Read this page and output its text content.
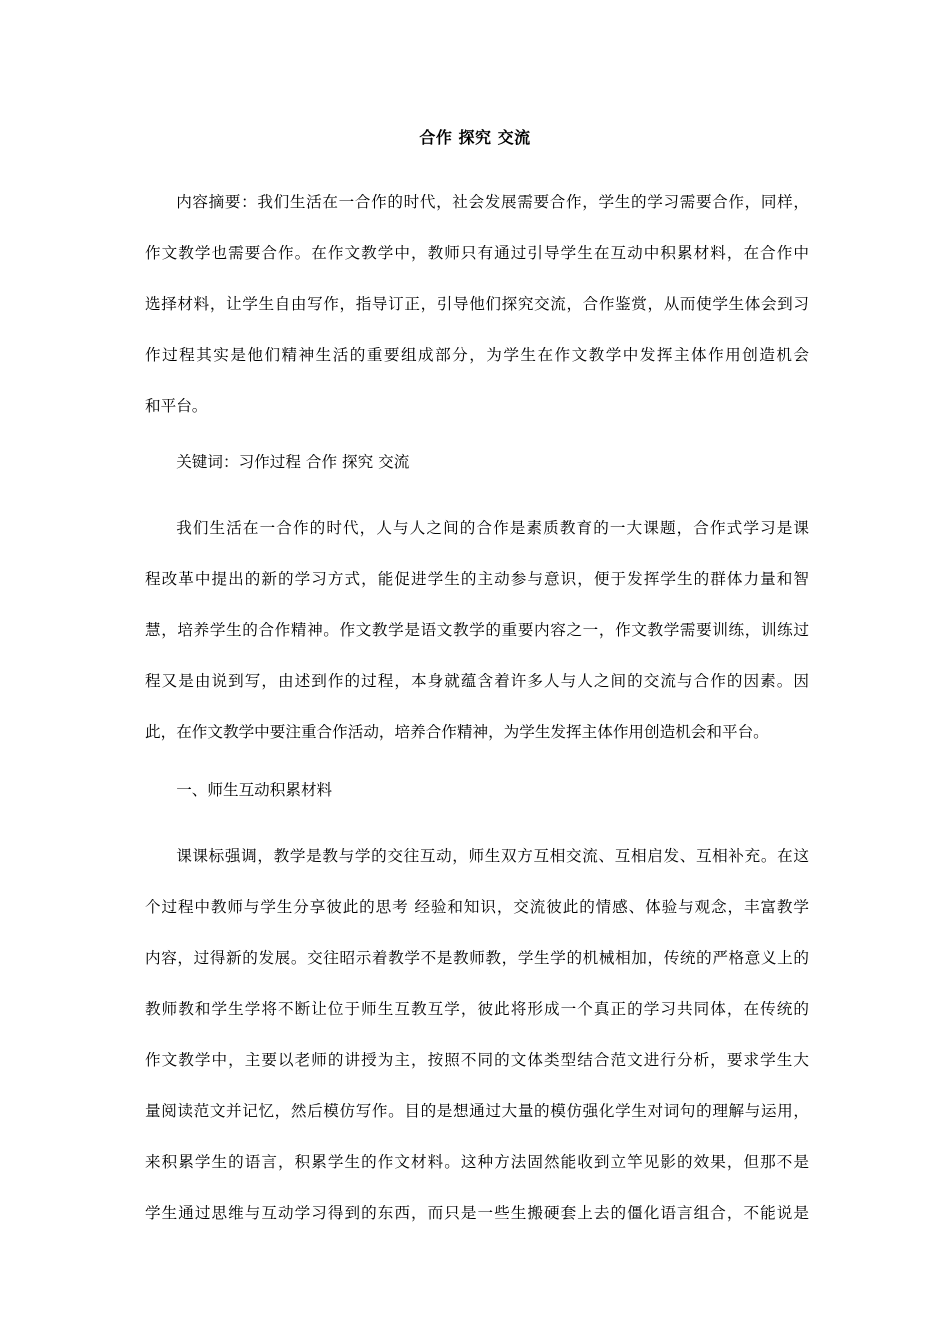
合作 探究 交流
内容摘要：我们生活在一合作的时代，社会发展需要合作，学生的学习需要合作，同样，
作文教学也需要合作。在作文教学中，教师只有通过引导学生在互动中积累材料，在合作中
选择材料，让学生自由写作，指导订正，引导他们探究交流，合作鉴赏，从而使学生体会到习
作过程其实是他们精神生活的重要组成部分，为学生在作文教学中发挥主体作用创造机会
和平台。
关键词：习作过程 合作 探究 交流
我们生活在一合作的时代，人与人之间的合作是素质教育的一大课题，合作式学习是课
程改革中提出的新的学习方式，能促进学生的主动参与意识，便于发挥学生的群体力量和智
慧，培养学生的合作精神。作文教学是语文教学的重要内容之一，作文教学需要训练，训练过
程又是由说到写，由述到作的过程，本身就蕴含着许多人与人之间的交流与合作的因素。因
此，在作文教学中要注重合作活动，培养合作精神，为学生发挥主体作用创造机会和平台。
一、师生互动积累材料
课课标强调，教学是教与学的交往互动，师生双方互相交流、互相启发、互相补充。在这
个过程中教师与学生分享彼此的思考 经验和知识，交流彼此的情感、体验与观念，丰富教学
内容，过得新的发展。交往昭示着教学不是教师教，学生学的机械相加，传统的严格意义上的
教师教和学生学将不断让位于师生互教互学，彼此将形成一个真正的学习共同体，在传统的
作文教学中，主要以老师的讲授为主，按照不同的文体类型结合范文进行分析，要求学生大
量阅读范文并记忆，然后模仿写作。目的是想通过大量的模仿强化学生对词句的理解与运用，
来积累学生的语言，积累学生的作文材料。这种方法固然能收到立竿见影的效果，但那不是
学生通过思维与互动学习得到的东西，而只是一些生搬硬套上去的僵化语言组合，不能说是
